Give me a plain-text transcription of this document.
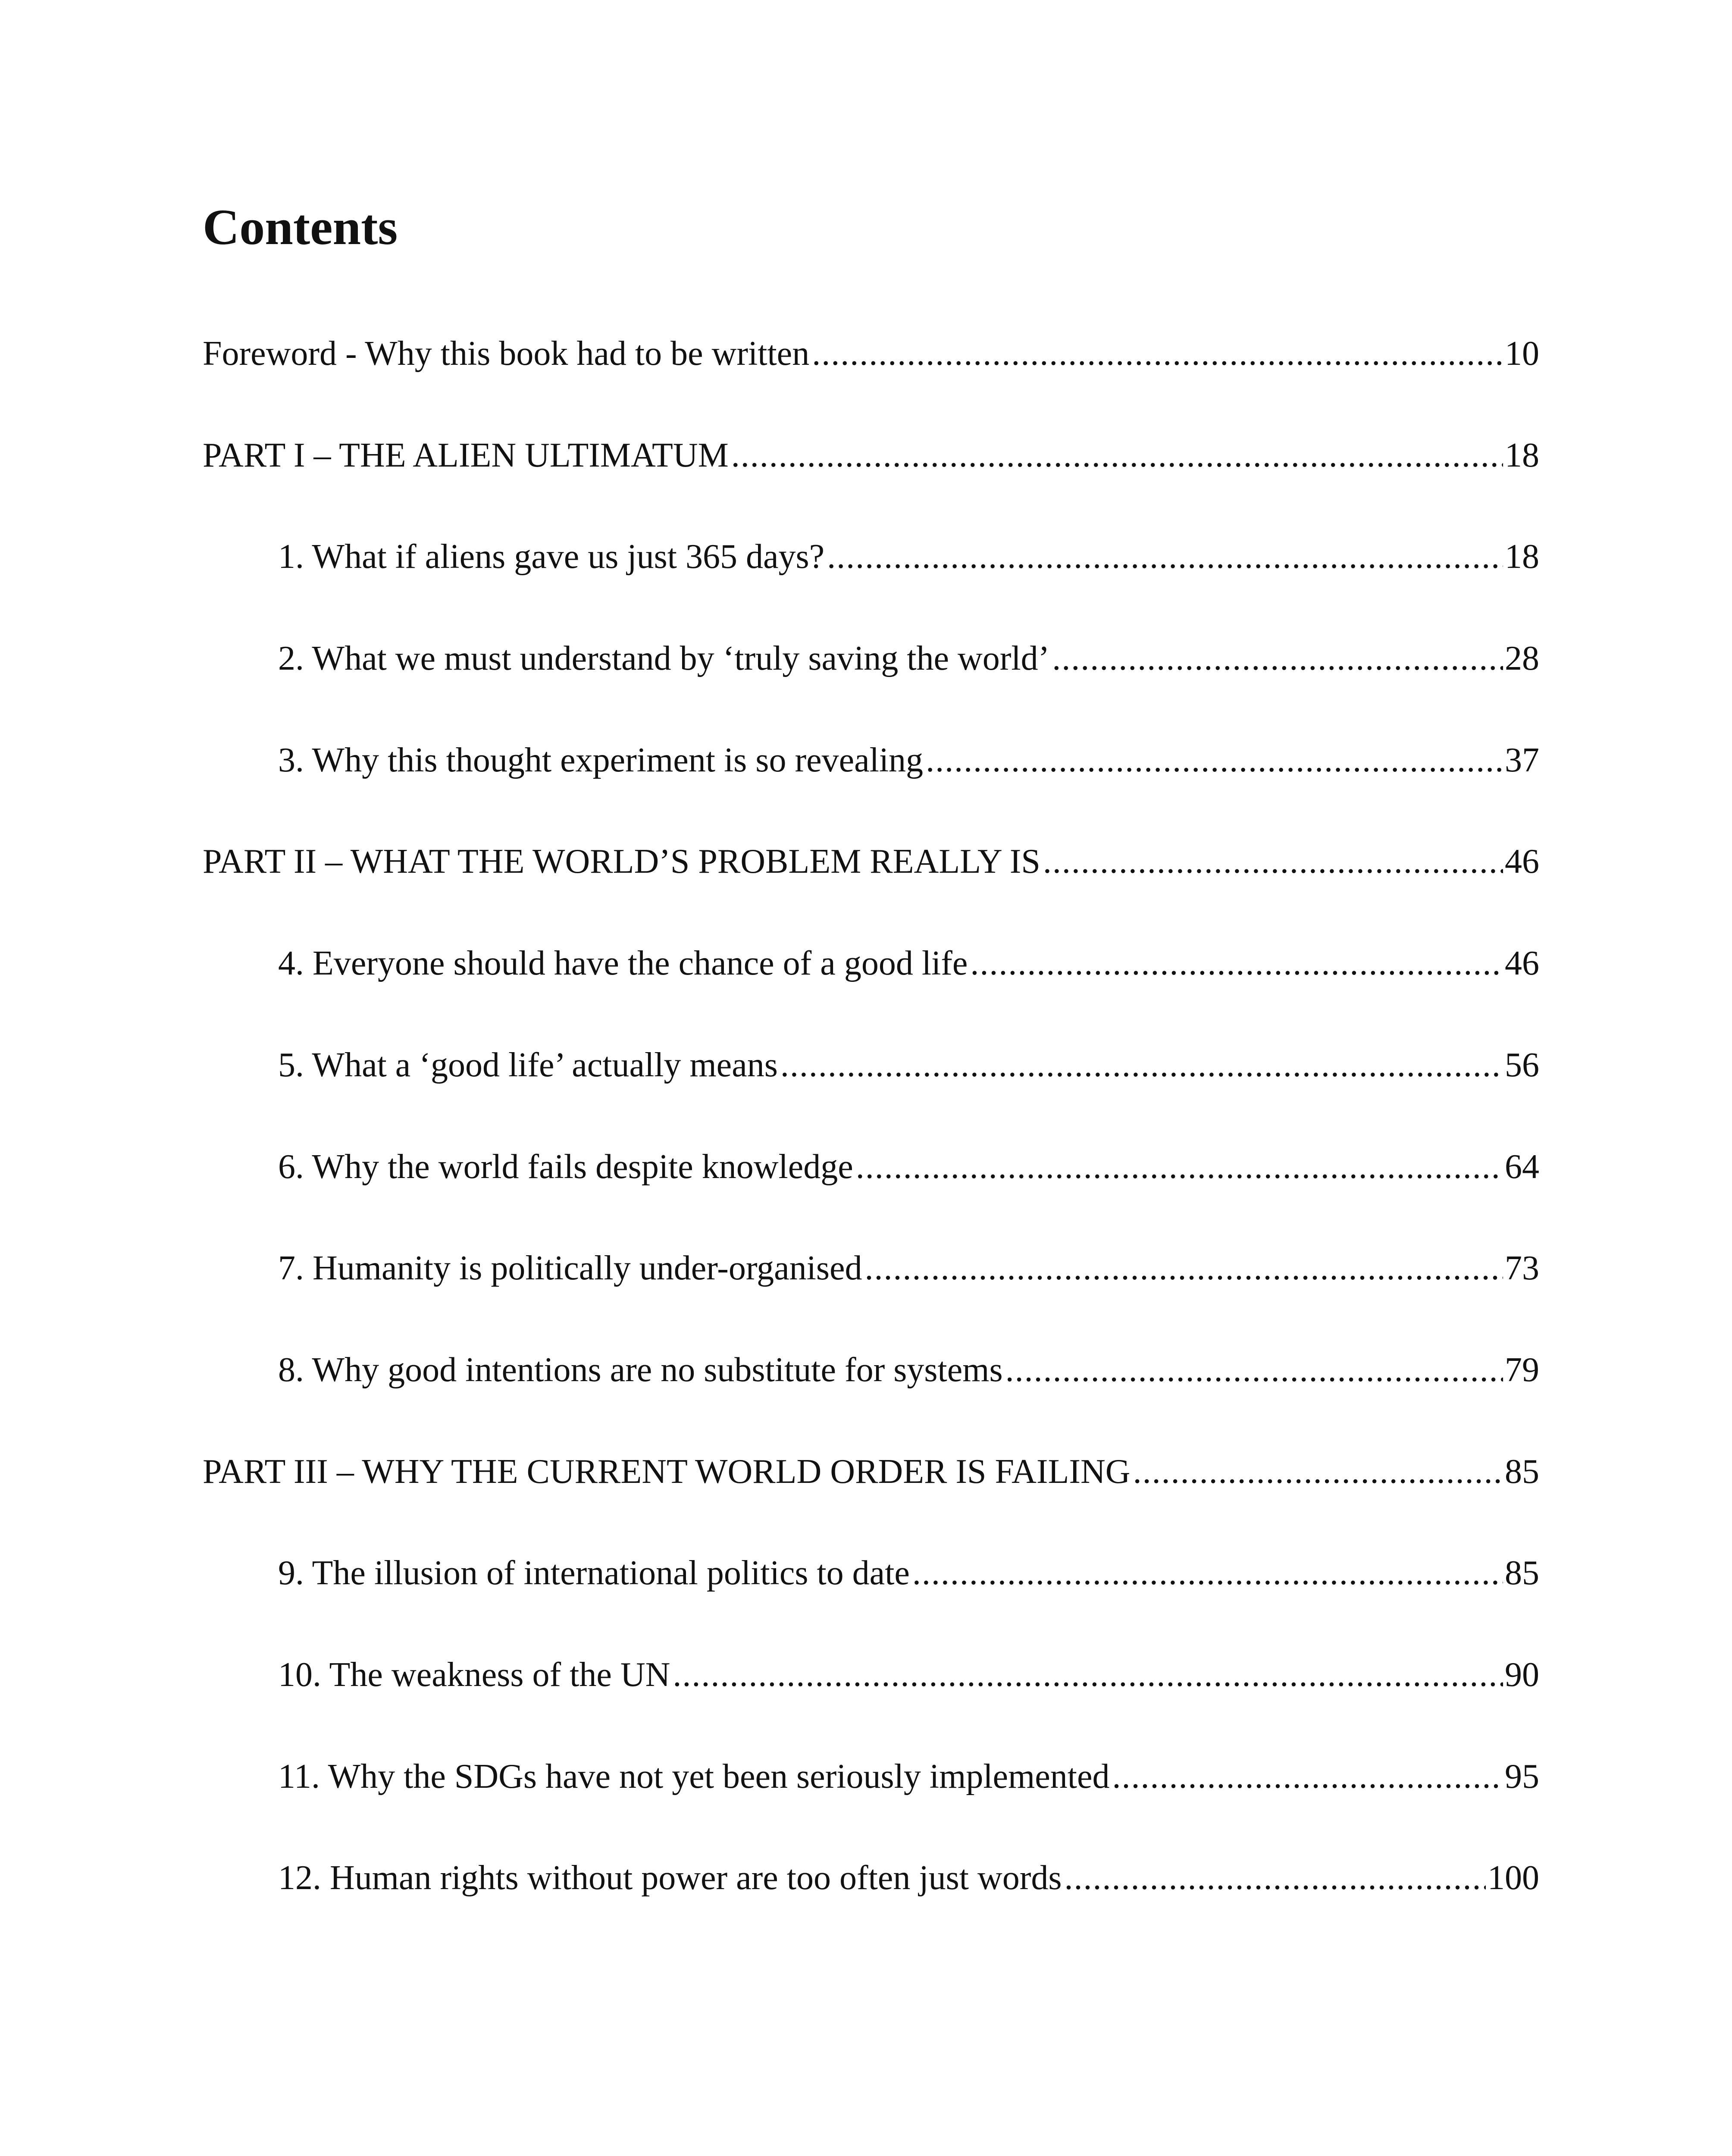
Contents
Foreword - Why this book had to be written .....	10
PART I – THE ALIEN ULTIMATUM .....	18
1. What if aliens gave us just 365 days? .....	18
2. What we must understand by ‘truly saving the world’ .....	28
3. Why this thought experiment is so revealing .....	37
PART II – WHAT THE WORLD’S PROBLEM REALLY IS .....	46
4. Everyone should have the chance of a good life .....	46
5. What a ‘good life’ actually means .....	56
6. Why the world fails despite knowledge .....	64
7. Humanity is politically under-organised .....	73
8. Why good intentions are no substitute for systems .....	79
PART III – WHY THE CURRENT WORLD ORDER IS FAILING .....	85
9. The illusion of international politics to date .....	85
10. The weakness of the UN .....	90
11. Why the SDGs have not yet been seriously implemented .....	95
12. Human rights without power are too often just words .....	100
